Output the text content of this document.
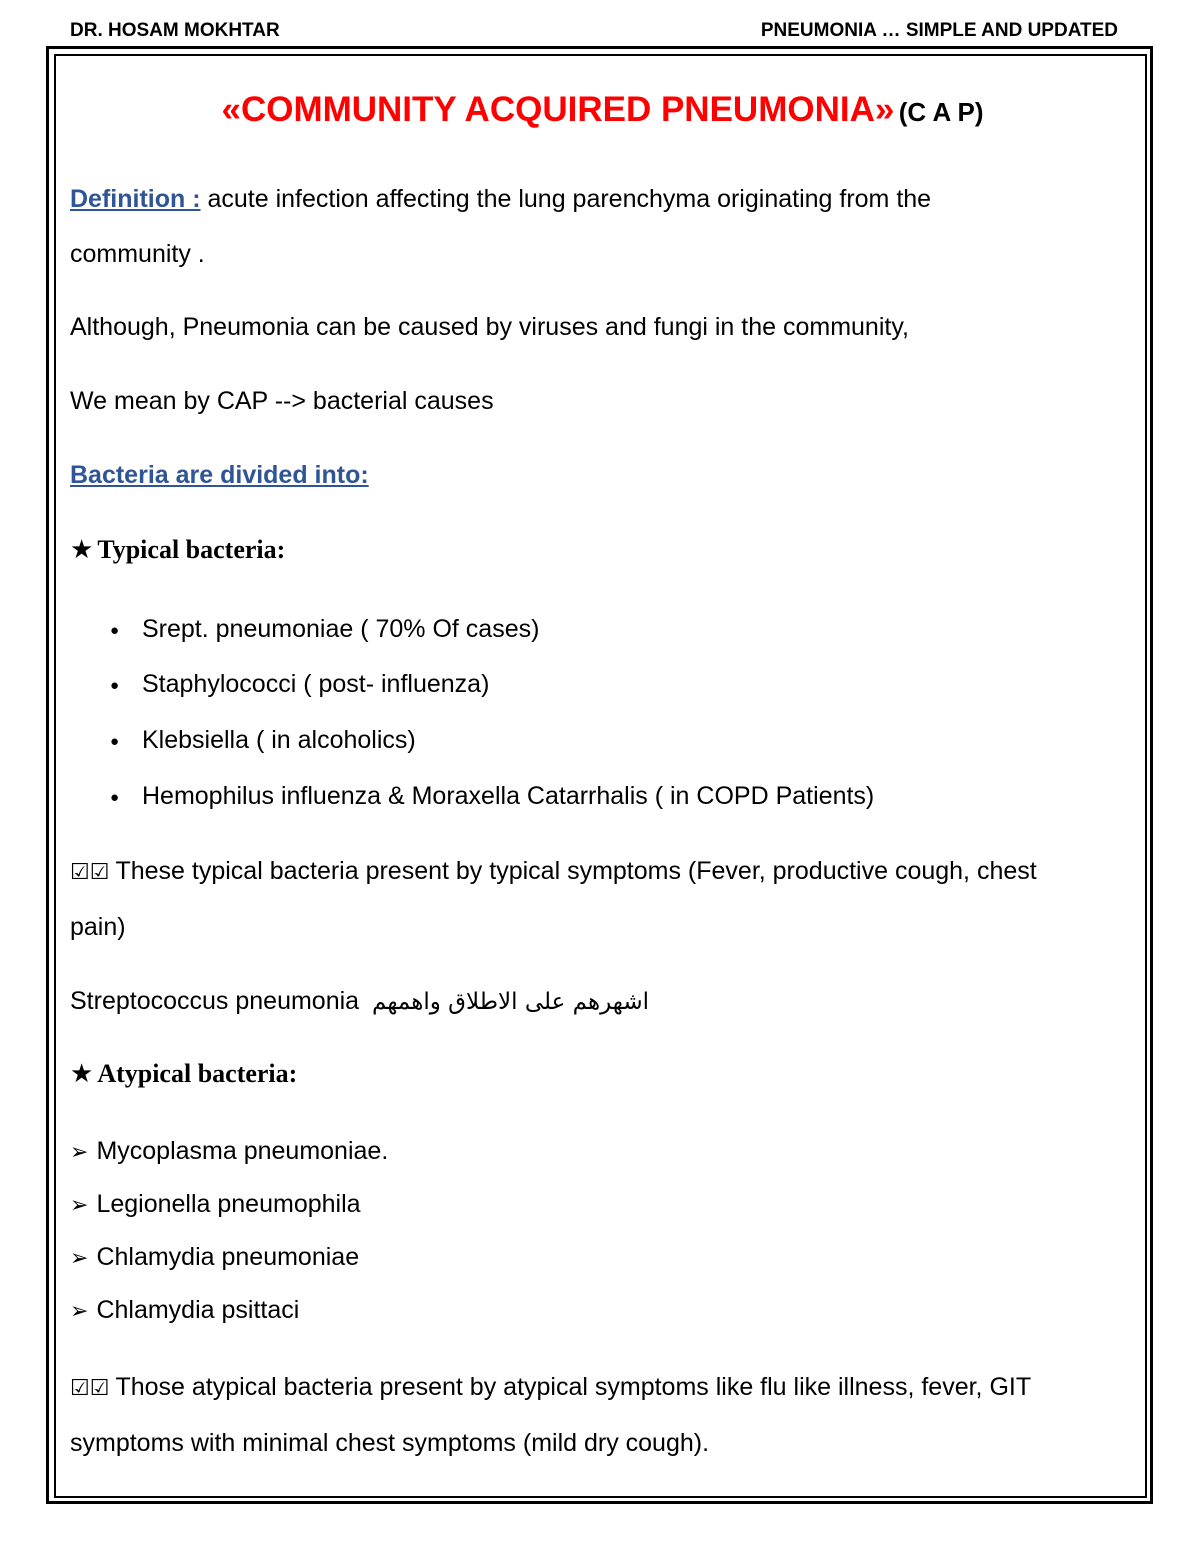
DR. HOSAM MOKHTAR	PNEUMONIA … SIMPLE AND UPDATED
«COMMUNITY ACQUIRED PNEUMONIA» (C A P)
Definition : acute infection affecting the lung parenchyma originating from the
community .
Although, Pneumonia can be caused by viruses and fungi in the community,
We mean by CAP --> bacterial causes
Bacteria are divided into:
★ Typical bacteria:
● Srept. pneumoniae ( 70% Of cases)
● Staphylococci ( post- influenza)
● Klebsiella ( in alcoholics)
● Hemophilus influenza & Moraxella Catarrhalis ( in COPD Patients)
☑☑ These typical bacteria present by typical symptoms (Fever, productive cough, chest
pain)
Streptococcus pneumonia اشهرهم على الاطلاق واهمهم
★ Atypical bacteria:
➢ Mycoplasma pneumoniae.
➢ Legionella pneumophila
➢ Chlamydia pneumoniae
➢ Chlamydia psittaci
☑☑ Those atypical bacteria present by atypical symptoms like flu like illness, fever, GIT
symptoms with minimal chest symptoms (mild dry cough).
